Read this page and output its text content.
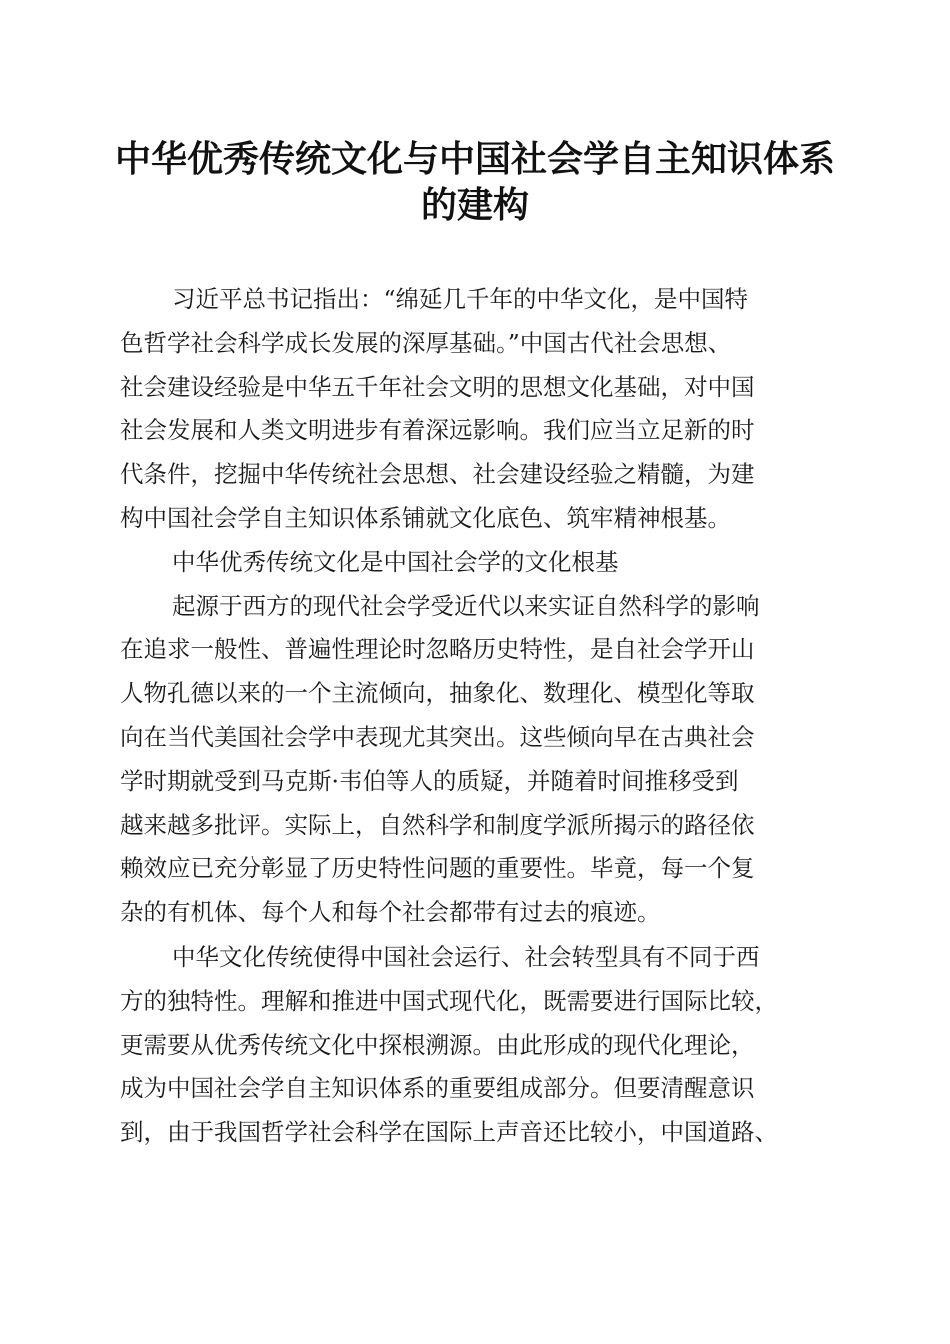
中华优秀传统文化与中国社会学自主知识体系
的建构

习近平总书记指出：“绵延几千年的中华文化，是中国特

色哲学社会科学成长发展的深厚基础。”中国古代社会思想、

社会建设经验是中华五千年社会文明的思想文化基础，对中国

社会发展和人类文明进步有着深远影响。我们应当立足新的时

代条件，挖掘中华传统社会思想、社会建设经验之精髓，为建

构中国社会学自主知识体系铺就文化底色、筑牢精神根基。

中华优秀传统文化是中国社会学的文化根基

起源于西方的现代社会学受近代以来实证自然科学的影响

在追求一般性、普遍性理论时忽略历史特性，是自社会学开山

人物孔德以来的一个主流倾向，抽象化、数理化、模型化等取

向在当代美国社会学中表现尤其突出。这些倾向早在古典社会

学时期就受到马克斯·韦伯等人的质疑，并随着时间推移受到

越来越多批评。实际上，自然科学和制度学派所揭示的路径依

赖效应已充分彰显了历史特性问题的重要性。毕竟，每一个复

杂的有机体、每个人和每个社会都带有过去的痕迹。

中华文化传统使得中国社会运行、社会转型具有不同于西

方的独特性。理解和推进中国式现代化，既需要进行国际比较，

更需要从优秀传统文化中探根溯源。由此形成的现代化理论，

成为中国社会学自主知识体系的重要组成部分。但要清醒意识

到，由于我国哲学社会科学在国际上声音还比较小，中国道路、
